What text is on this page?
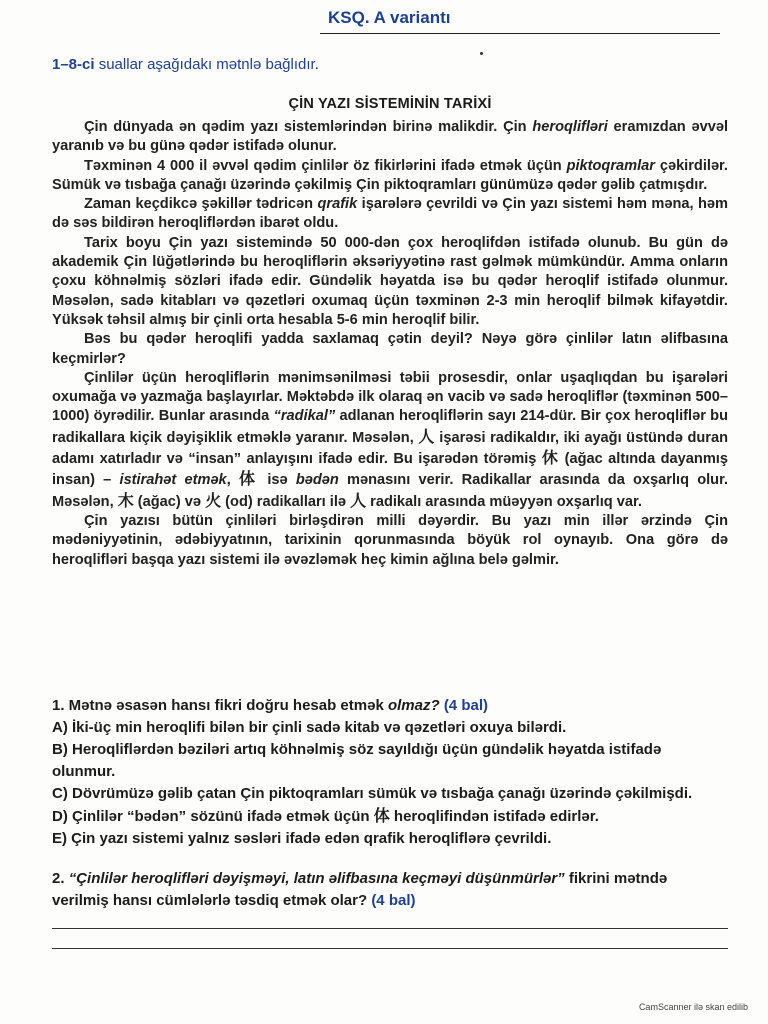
KSQ. A variantı
1–8-ci suallar aşağıdakı mətnlə bağlıdır.
ÇİN YAZI SİSTEMİNİN TARİXİ

Çin dünyada ən qədim yazı sistemlərindən birinə malikdir. Çin heroqlifləri eramızdan əvvəl yaranıb və bu günə qədər istifadə olunur.

Təxminən 4 000 il əvvəl qədim çinlilər öz fikirlərini ifadə etmək üçün piktoqramlar çəkirdilər. Sümük və tısbağa çanağı üzərində çəkilmiş Çin piktoqramları günümüzə qədər gəlib çatmışdır.

Zaman keçdikcə şəkillər tədricən qrafik işarələrə çevrildi və Çin yazı sistemi həm məna, həm də səs bildirən heroqliflərdən ibarət oldu.

Tarix boyu Çin yazı sistemində 50 000-dən çox heroqlifdən istifadə olunub. Bu gün də akademik Çin lüğətlərində bu heroqliflərin əksəriyyətinə rast gəlmək mümkündür. Amma onların çoxu köhnəlmiş sözləri ifadə edir. Gündəlik həyatda isə bu qədər heroqlif istifadə olunmur. Məsələn, sadə kitabları və qəzetləri oxumaq üçün təxminən 2-3 min heroqlif bilmək kifayətdir. Yüksək təhsil almış bir çinli orta hesabla 5-6 min heroqlif bilir.

Bəs bu qədər heroqlifi yadda saxlamaq çətin deyil? Nəyə görə çinlilər latın əlifbasına keçmirlər?

Çinlilər üçün heroqliflərin mənimsənilməsi təbii prosesdir, onlar uşaqlıqdan bu işarələri oxumağa və yazmağa başlayırlar. Məktəbdə ilk olaraq ən vacib və sadə heroqliflər (təxminən 500–1000) öyrədilir. Bunlar arasında “radikal” adlanan heroqliflərin sayı 214-dür. Bir çox heroqliflər bu radikallara kiçik dəyişiklik etməklə yaranır. Məsələn, 人 işarəsi radikaldır, iki ayağı üstündə duran adamı xatırladır və “insan” anlayışını ifadə edir. Bu işarədən törəmiş 休 (ağac altında dayanmış insan) – istirahət etmək, 体 isə bədən mənasını verir. Radikallar arasında da oxşarlıq olur. Məsələn, 木 (ağac) və 火 (od) radikalları ilə 人 radikalı arasında müəyyən oxşarlıq var.

Çin yazısı bütün çinliləri birləşdirən milli dəyərdir. Bu yazı min illər ərzində Çin mədəniyyətinin, ədəbiyyatının, tarixinin qorunmasında böyük rol oynayıb. Ona görə də heroqlifləri başqa yazı sistemi ilə əvəzləmək heç kimin ağlına belə gəlmir.

1. Mətnə əsasən hansı fikri doğru hesab etmək olmaz? (4 bal)
A) İki-üç min heroqlifi bilən bir çinli sadə kitab və qəzetləri oxuya bilərdi.
B) Heroqliflərdən bəziləri artıq köhnəlmiş söz sayıldığı üçün gündəlik həyatda istifadə olunmur.
C) Dövrümüzə gəlib çatan Çin piktoqramları sümük və tısbağa çanağı üzərində çəkilmişdi.
D) Çinlilər “bədən” sözünü ifadə etmək üçün 体 heroqlifindən istifadə edirlər.
E) Çin yazı sistemi yalnız səsləri ifadə edən qrafik heroqliflərə çevrildi.
2. “Çinlilər heroqlifləri dəyişməyi, latın əlifbasına keçməyi düşünmürlər” fikrini mətndə verilmiş hansı cümlələrlə təsdiq etmək olar? (4 bal)
CamScanner ilə skan edilib
